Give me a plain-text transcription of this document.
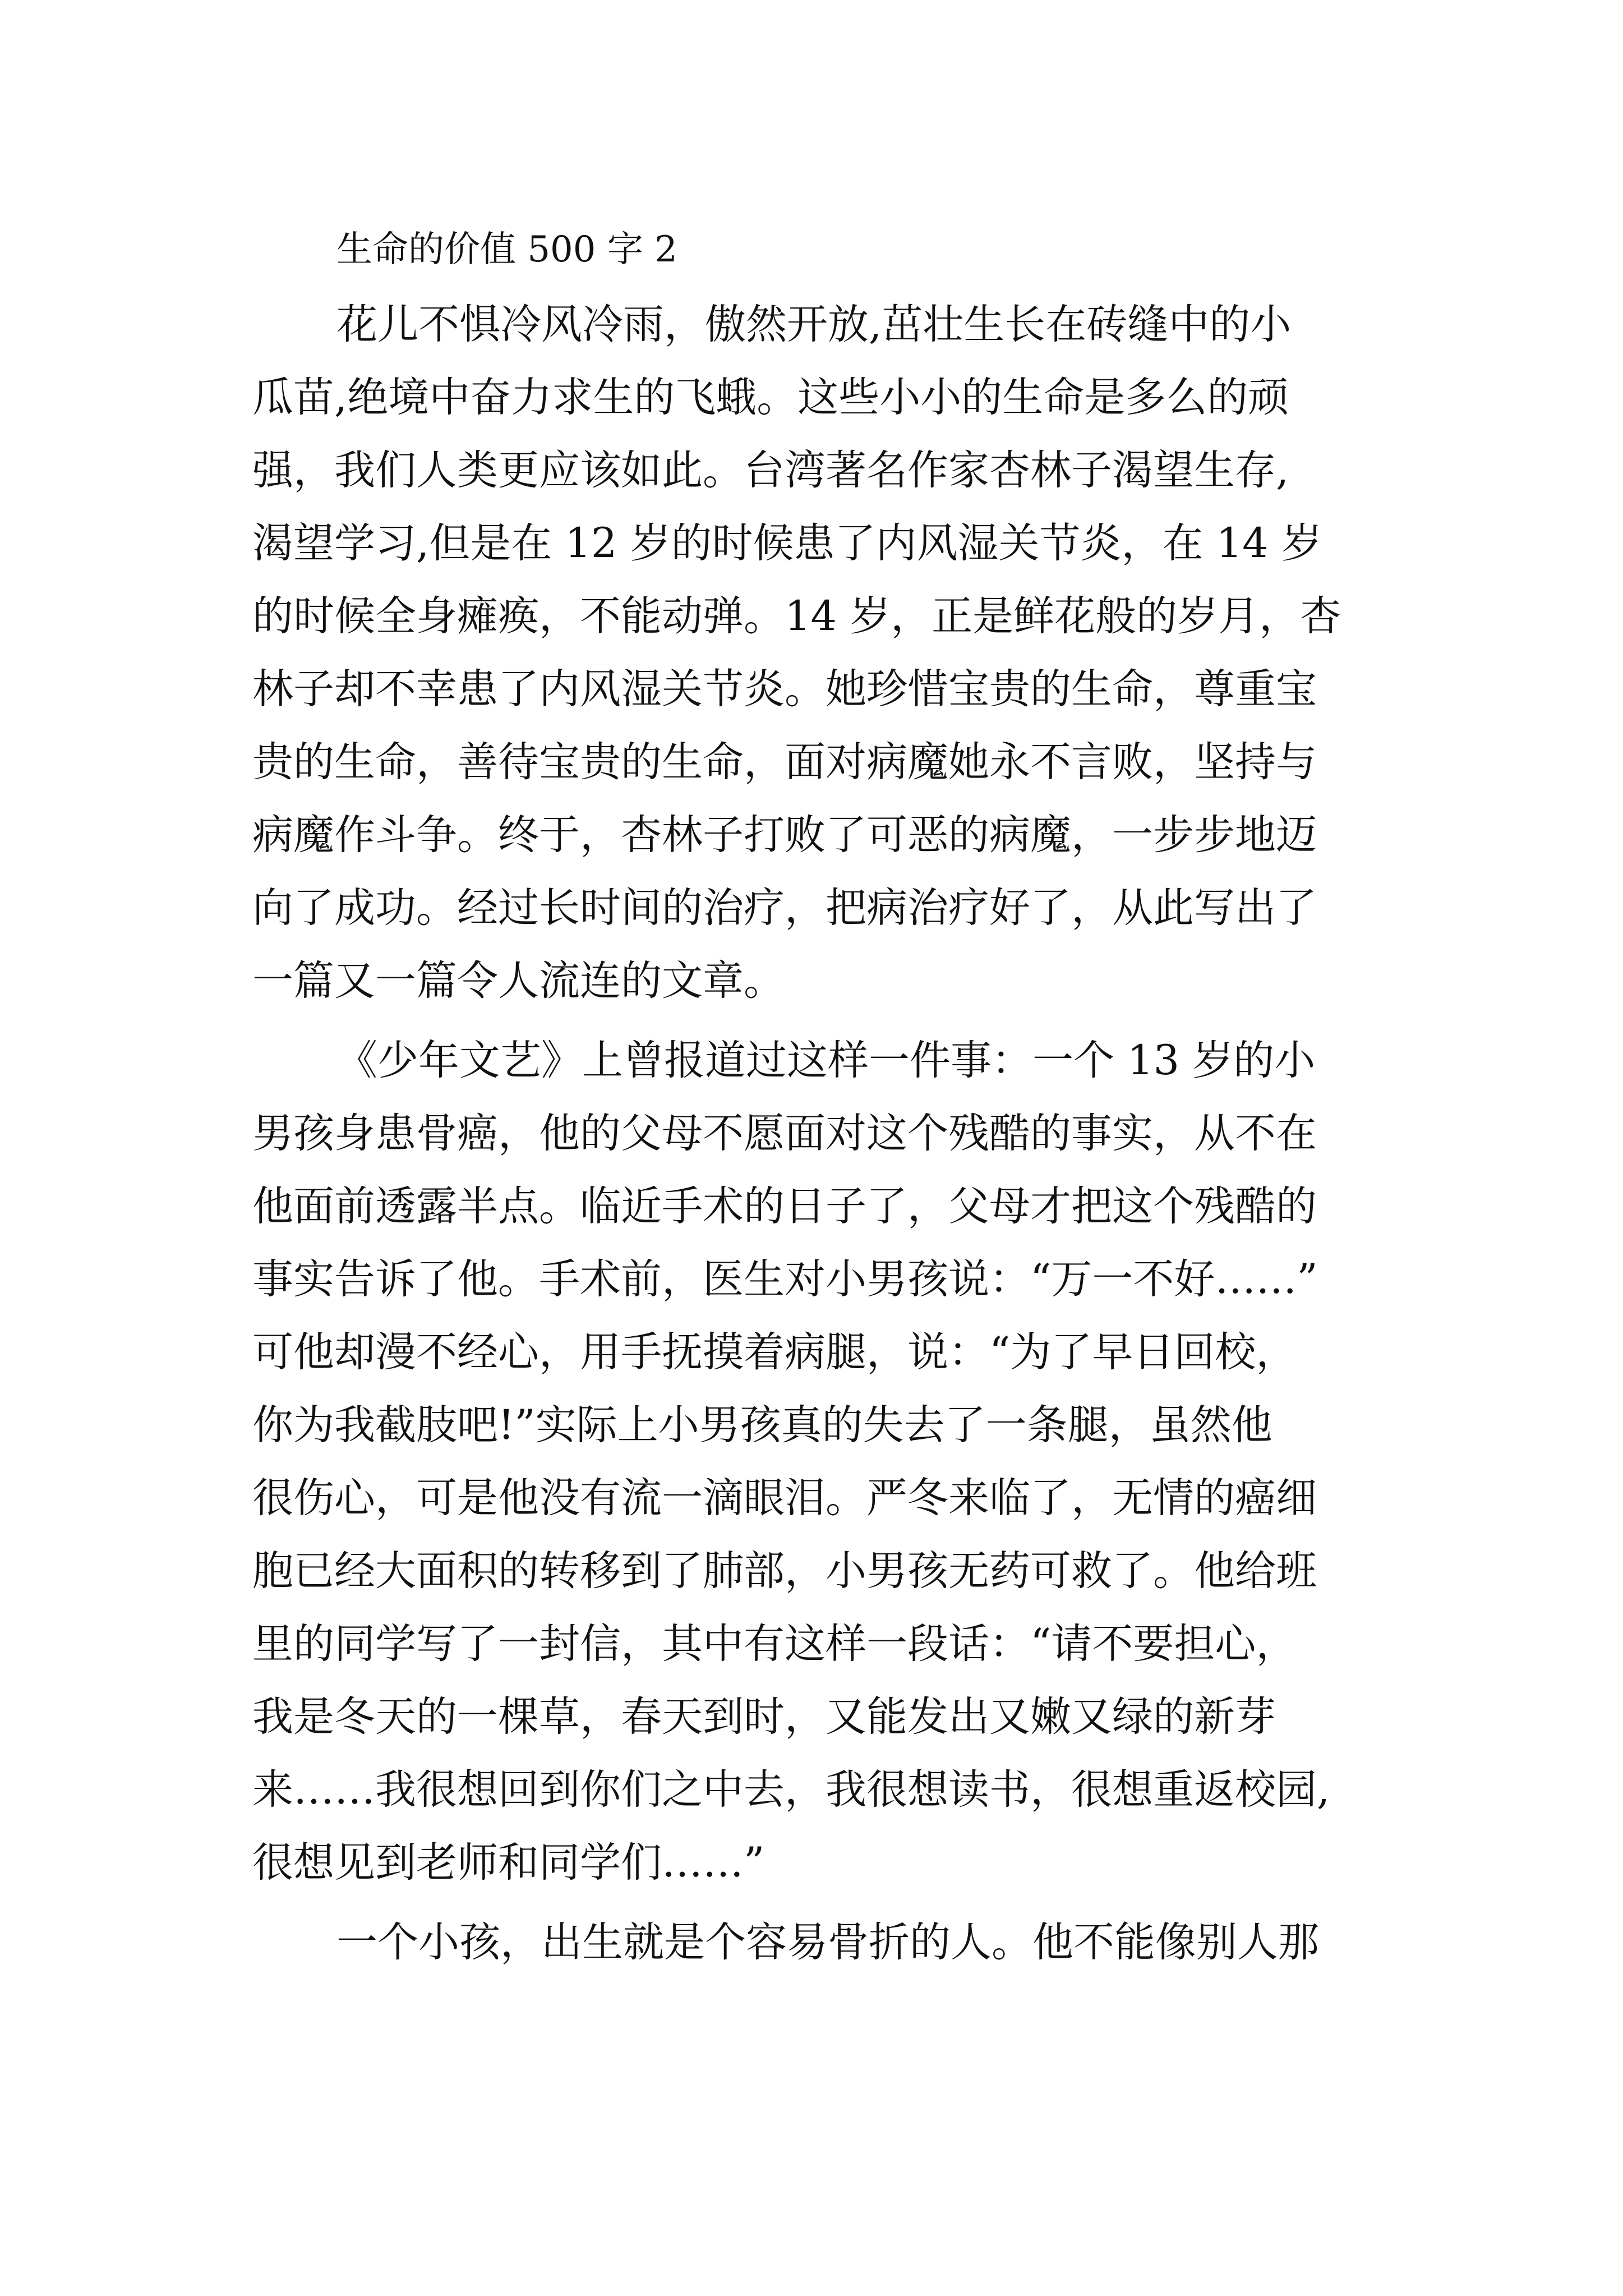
生命的价值 500 字 2
花儿不惧冷风冷雨，傲然开放,茁壮生长在砖缝中的小
瓜苗,绝境中奋力求生的飞蛾。这些小小的生命是多么的顽
强，我们人类更应该如此。台湾著名作家杏林子渴望生存,
渴望学习,但是在 12 岁的时候患了内风湿关节炎，在 14 岁
的时候全身瘫痪，不能动弹。14 岁，正是鲜花般的岁月，杏
林子却不幸患了内风湿关节炎。她珍惜宝贵的生命，尊重宝
贵的生命，善待宝贵的生命，面对病魔她永不言败，坚持与
病魔作斗争。终于，杏林子打败了可恶的病魔，一步步地迈
向了成功。经过长时间的治疗，把病治疗好了，从此写出了
一篇又一篇令人流连的文章。
《少年文艺》上曾报道过这样一件事：一个 13 岁的小
男孩身患骨癌，他的父母不愿面对这个残酷的事实，从不在
他面前透露半点。临近手术的日子了，父母才把这个残酷的
事实告诉了他。手术前，医生对小男孩说：“万一不好……”
可他却漫不经心，用手抚摸着病腿，说：“为了早日回校，
你为我截肢吧!”实际上小男孩真的失去了一条腿，虽然他
很伤心，可是他没有流一滴眼泪。严冬来临了，无情的癌细
胞已经大面积的转移到了肺部，小男孩无药可救了。他给班
里的同学写了一封信，其中有这样一段话：“请不要担心，
我是冬天的一棵草，春天到时，又能发出又嫩又绿的新芽
来……我很想回到你们之中去，我很想读书，很想重返校园,
很想见到老师和同学们……”
一个小孩，出生就是个容易骨折的人。他不能像别人那
